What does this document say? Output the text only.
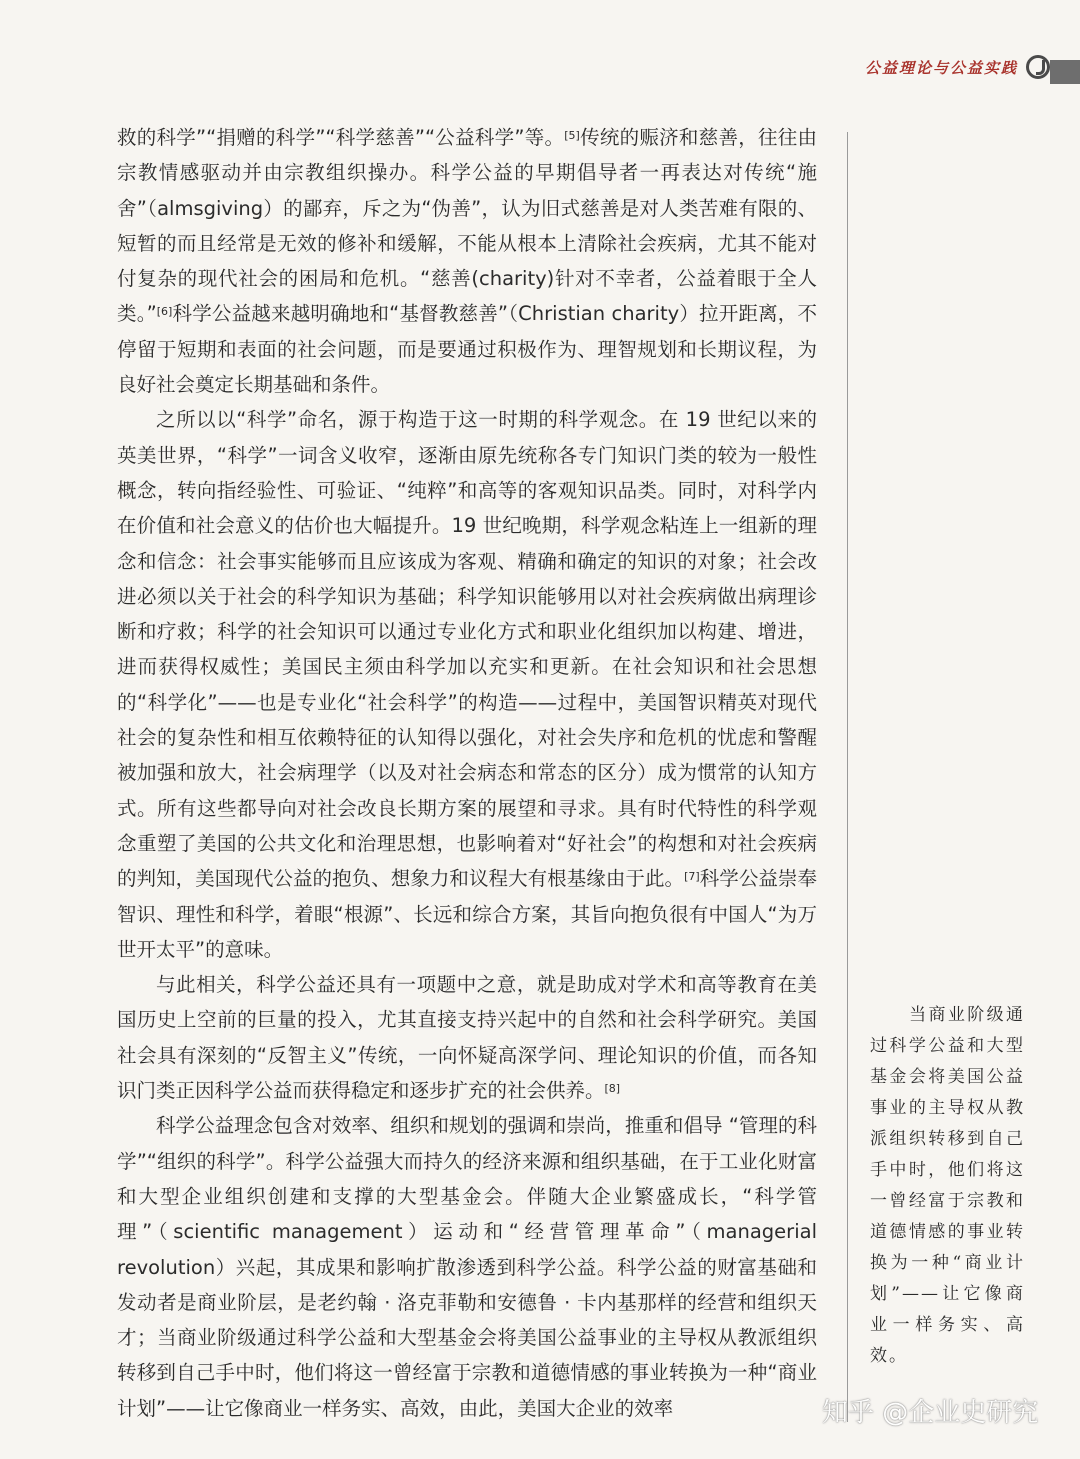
公益理论与公益实践

救的科学”“捐赠的科学”“科学慈善”“公益科学”等。[5]传统的赈济和慈善，往往由宗教情感驱动并由宗教组织操办。科学公益的早期倡导者一再表达对传统“施舍”（almsgiving）的鄙弃，斥之为“伪善”，认为旧式慈善是对人类苦难有限的、短暂的而且经常是无效的修补和缓解，不能从根本上清除社会疾病，尤其不能对付复杂的现代社会的困局和危机。“慈善(charity)针对不幸者，公益着眼于全人类。”[6]科学公益越来越明确地和“基督教慈善”（Christian charity）拉开距离，不停留于短期和表面的社会问题，而是要通过积极作为、理智规划和长期议程，为良好社会奠定长期基础和条件。

之所以以“科学”命名，源于构造于这一时期的科学观念。在 19 世纪以来的英美世界，“科学”一词含义收窄，逐渐由原先统称各专门知识门类的较为一般性概念，转向指经验性、可验证、“纯粹”和高等的客观知识品类。同时，对科学内在价值和社会意义的估价也大幅提升。19 世纪晚期，科学观念粘连上一组新的理念和信念：社会事实能够而且应该成为客观、精确和确定的知识的对象；社会改进必须以关于社会的科学知识为基础；科学知识能够用以对社会疾病做出病理诊断和疗救；科学的社会知识可以通过专业化方式和职业化组织加以构建、增进，进而获得权威性；美国民主须由科学加以充实和更新。在社会知识和社会思想的“科学化”——也是专业化“社会科学”的构造——过程中，美国智识精英对现代社会的复杂性和相互依赖特征的认知得以强化，对社会失序和危机的忧虑和警醒被加强和放大，社会病理学（以及对社会病态和常态的区分）成为惯常的认知方式。所有这些都导向对社会改良长期方案的展望和寻求。具有时代特性的科学观念重塑了美国的公共文化和治理思想，也影响着对“好社会”的构想和对社会疾病的判知，美国现代公益的抱负、想象力和议程大有根基缘由于此。[7]科学公益崇奉智识、理性和科学，着眼“根源”、长远和综合方案，其旨向抱负很有中国人“为万世开太平”的意味。

与此相关，科学公益还具有一项题中之意，就是助成对学术和高等教育在美国历史上空前的巨量的投入，尤其直接支持兴起中的自然和社会科学研究。美国社会具有深刻的“反智主义”传统，一向怀疑高深学问、理论知识的价值，而各知识门类正因科学公益而获得稳定和逐步扩充的社会供养。[8]

科学公益理念包含对效率、组织和规划的强调和崇尚，推重和倡导 “管理的科学”“组织的科学”。科学公益强大而持久的经济来源和组织基础，在于工业化财富和大型企业组织创建和支撑的大型基金会。伴随大企业繁盛成长，“科学管理”（scientific management）运动和“经营管理革命”（managerial revolution）兴起，其成果和影响扩散渗透到科学公益。科学公益的财富基础和发动者是商业阶层，是老约翰 · 洛克菲勒和安德鲁 · 卡内基那样的经营和组织天才；当商业阶级通过科学公益和大型基金会将美国公益事业的主导权从教派组织转移到自己手中时，他们将这一曾经富于宗教和道德情感的事业转换为一种“商业计划”——让它像商业一样务实、高效，由此，美国大企业的效率

当商业阶级通过科学公益和大型基金会将美国公益事业的主导权从教派组织转移到自己手中时，他们将这一曾经富于宗教和道德情感的事业转换为一种“商业计划”——让它像商业一样务实、高效。

知乎 @企业史研究
